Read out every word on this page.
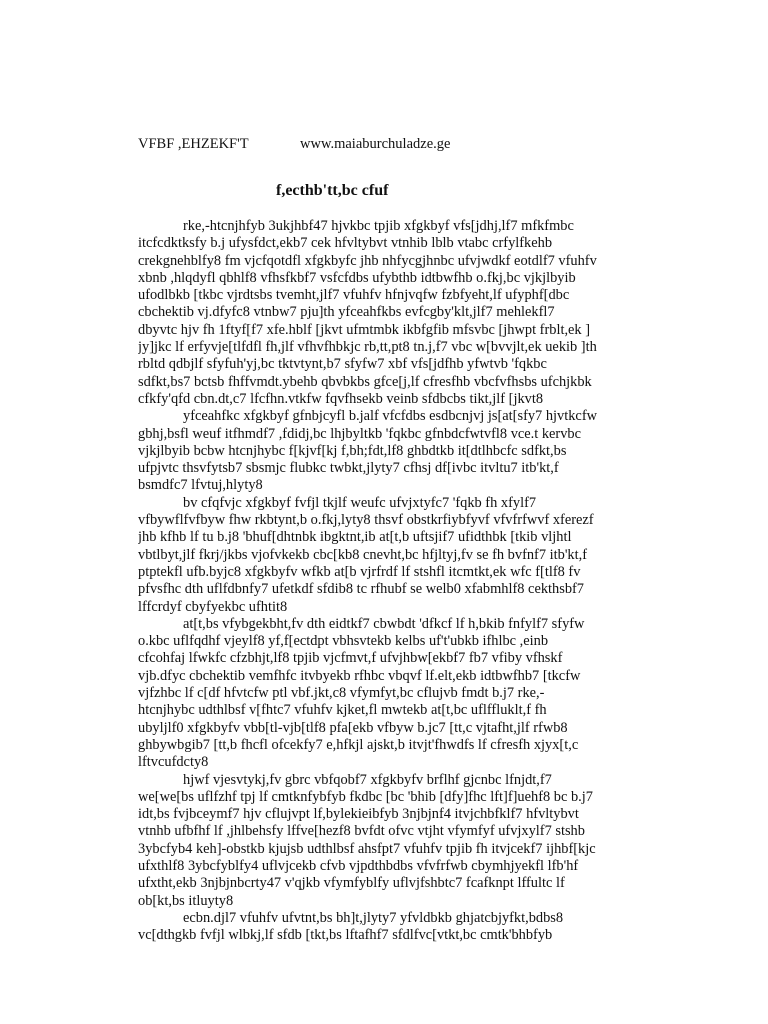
VFBF ,EHZEKF'T	www.maiaburchuladze.ge
f,ecthb'tt,bc cfuf
rke,-htcnjhfyb 3ukjhbf47 hjvkbc tpjib xfgkbyf vfs[jdhj,lf7 mfkfmbc
itcfcdktksfy b.j ufysfdct,ekb7 cek hfvltybvt vtnhib lblb vtabc crfylfkehb
crekgnehblfy8 fm vjcfqotdfl xfgkbyfc jhb nhfycgjhnbc ufvjwdkf eotdlf7 vfuhfv
xbnb ,hlqdyfl qbhlf8 vfhsfkbf7 vsfcfdbs ufybthb idtbwfhb o.fkj,bc vjkjlbyib
ufodlbkb [tkbc vjrdtsbs tvemht,jlf7 vfuhfv hfnjvqfw fzbfyeht,lf ufyphf[dbc
cbchektib vj.dfyfc8 vtnbw7 pju]th yfceahfkbs evfcgby'klt,jlf7 mehlekfl7
dbyvtc hjv fh 1ftyf[f7 xfe.hblf [jkvt ufmtmbk ikbfgfib mfsvbc [jhwpt frblt,ek ]
jy]jkc lf erfyvje[tlfdfl fh,jlf vfhvfhbkjc rb,tt,pt8 tn.j,f7 vbc w[bvvjlt,ek uekib ]th
rbltd qdbjlf sfyfuh'yj,bc tktvtynt,b7 sfyfw7 xbf vfs[jdfhb yfwtvb 'fqkbc
sdfkt,bs7 bctsb fhffvmdt.ybehb qbvbkbs gfce[j,lf cfresfhb vbcfvfhsbs ufchjkbk
cfkfy'qfd cbn.dt,c7 lfcfhn.vtkfw fqvfhsekb veinb sfdbcbs tikt,jlf [jkvt8
yfceahfkc xfgkbyf gfnbjcyfl b.jalf vfcfdbs esdbcnjvj js[at[sfy7 hjvtkcfw
gbhj,bsfl weuf itfhmdf7 ,fdidj,bc lhjbyltkb 'fqkbc gfnbdcfwtvfl8 vce.t kervbc
vjkjlbyib bcbw htcnjhybc f[kjvf[kj f,bh;fdt,lf8 ghbdtkb it[dtlhbcfc sdfkt,bs
ufpjvtc thsvfytsb7 sbsmjc flubkc twbkt,jlyty7 cfhsj df[ivbc itvltu7 itb'kt,f
bsmdfc7 lfvtuj,hlyty8
bv cfqfvjc xfgkbyf fvfjl tkjlf weufc ufvjxtyfc7 'fqkb fh xfylf7
vfbywflfvfbyw fhw rkbtynt,b o.fkj,lyty8 thsvf obstkrfiybfyvf vfvfrfwvf xferezf
jhb kfhb lf tu b.j8 'bhuf[dhtnbk ibgktnt,ib at[t,b uftsjif7 ufidthbk [tkib vljhtl
vbtlbyt,jlf fkrj/jkbs vjofvkekb cbc[kb8 cnevht,bc hfjltyj,fv se fh bvfnf7 itb'kt,f
ptptekfl ufb.byjc8 xfgkbyfv wfkb at[b vjrfrdf lf stshfl itcmtkt,ek wfc f[tlf8 fv
pfvsfhc dth uflfdbnfy7 ufetkdf sfdib8 tc rfhubf se welb0 xfabmhlf8 cekthsbf7
lffcrdyf cbyfyekbc ufhtit8
at[t,bs vfybgekbht,fv dth eidtkf7 cbwbdt 'dfkcf lf h,bkib fnfylf7 sfyfw
o.kbc uflfqdhf vjeylf8 yf,f[ectdpt vbhsvtekb kelbs uf't'ubkb ifhlbc ,einb
cfcohfaj lfwkfc cfzbhjt,lf8 tpjib vjcfmvt,f ufvjhbw[ekbf7 fb7 vfiby vfhskf
vjb.dfyc cbchektib vemfhfc itvbyekb rfhbc vbqvf lf.elt,ekb idtbwfhb7 [tkcfw
vjfzhbc lf c[df hfvtcfw ptl vbf.jkt,c8 vfymfyt,bc cflujvb fmdt b.j7 rke,-
htcnjhybc udthlbsf v[fhtc7 vfuhfv kjket,fl mwtekb at[t,bc uflffluklt,f fh
ubyljlf0 xfgkbyfv vbb[tl-vjb[tlf8 pfa[ekb vfbyw b.jc7 [tt,c vjtafht,jlf rfwb8
ghbywbgib7 [tt,b fhcfl ofcekfy7 e,hfkjl ajskt,b itvjt'fhwdfs lf cfresfh xjyx[t,c
lftvcufdcty8
hjwf vjesvtykj,fv gbrc vbfqobf7 xfgkbyfv brflhf gjcnbc lfnjdt,f7
we[we[bs uflfzhf tpj lf cmtknfybfyb fkdbc [bc 'bhib [dfy]fhc lft]f]uehf8 bc b.j7
idt,bs fvjbceymf7 hjv cflujvpt lf,bylekieibfyb 3njbjnf4 itvjchbfklf7 hfvltybvt
vtnhb ufbfhf lf ,jhlbehsfy lffve[hezf8 bvfdt ofvc vtjht vfymfyf ufvjxylf7 stshb
3ybcfyb4 keh]-obstkb kjujsb udthlbsf ahsfpt7 vfuhfv tpjib fh itvjcekf7 ijhbf[kjc
ufxthlf8 3ybcfyblfy4 uflvjcekb cfvb vjpdthbdbs vfvfrfwb cbymhjyekfl lfb'hf
ufxtht,ekb 3njbjnbcrty47 v'qjkb vfymfyblfy uflvjfshbtc7 fcafknpt lffultc lf
ob[kt,bs itluyty8
ecbn.djl7 vfuhfv ufvtnt,bs bh]t,jlyty7 yfvldbkb ghjatcbjyfkt,bdbs8
vc[dthgkb fvfjl wlbkj,lf sfdb [tkt,bs lftafhf7 sfdlfvc[vtkt,bc cmtk'bhbfyb
